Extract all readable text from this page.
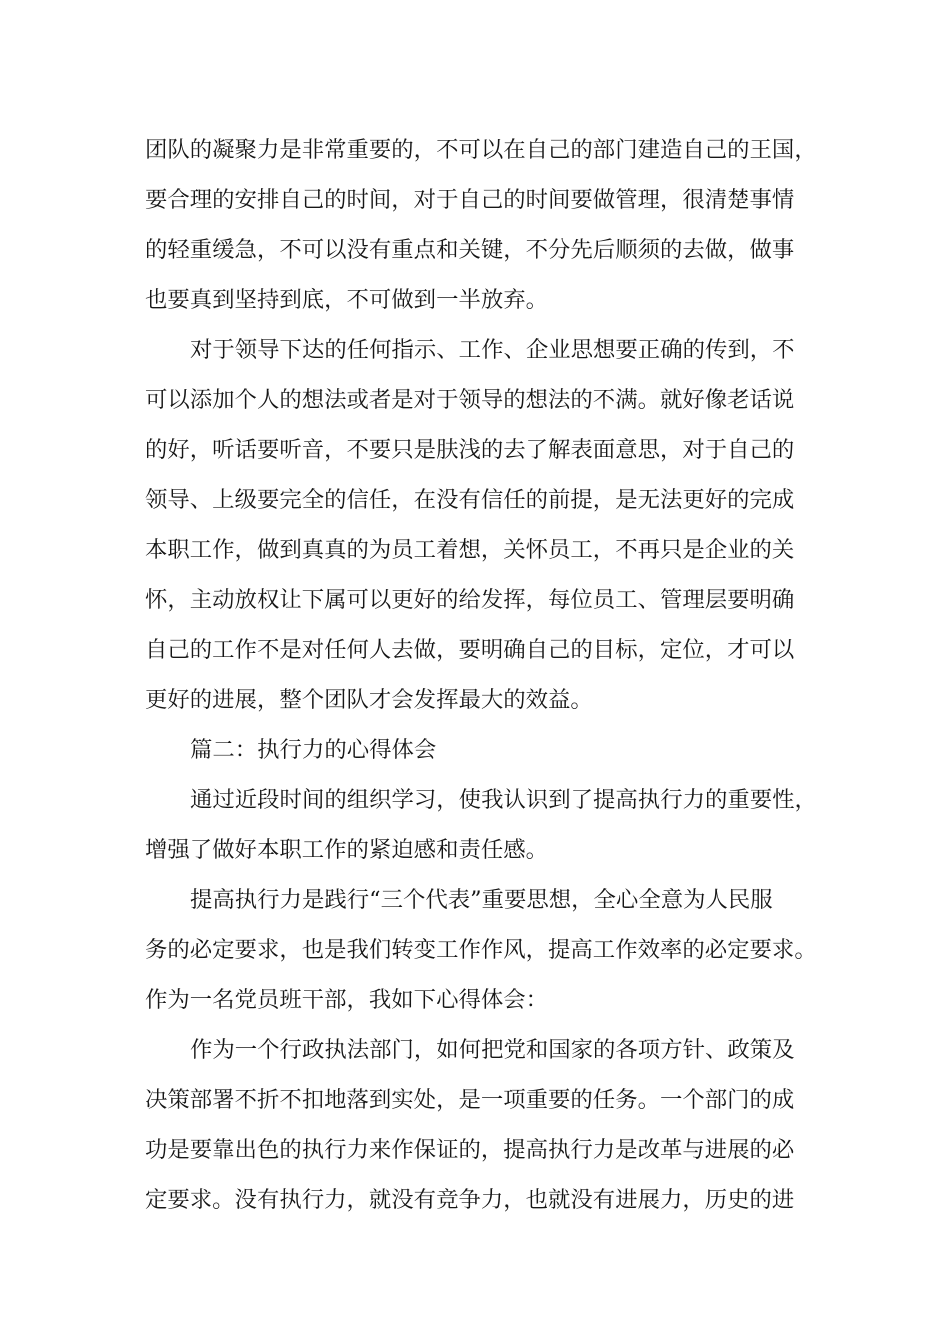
团队的凝聚力是非常重要的，不可以在自己的部门建造自己的王国，

要合理的安排自己的时间，对于自己的时间要做管理，很清楚事情

的轻重缓急，不可以没有重点和关键，不分先后顺须的去做，做事

也要真到坚持到底，不可做到一半放弃。

对于领导下达的任何指示、工作、企业思想要正确的传到，不

可以添加个人的想法或者是对于领导的想法的不满。就好像老话说

的好，听话要听音，不要只是肤浅的去了解表面意思，对于自己的

领导、上级要完全的信任，在没有信任的前提，是无法更好的完成

本职工作，做到真真的为员工着想，关怀员工，不再只是企业的关

怀，主动放权让下属可以更好的给发挥，每位员工、管理层要明确

自己的工作不是对任何人去做，要明确自己的目标，定位，才可以

更好的进展，整个团队才会发挥最大的效益。

篇二：执行力的心得体会

通过近段时间的组织学习，使我认识到了提高执行力的重要性，

增强了做好本职工作的紧迫感和责任感。

提高执行力是践行“三个代表”重要思想，全心全意为人民服

务的必定要求，也是我们转变工作作风，提高工作效率的必定要求。

作为一名党员班干部，我如下心得体会：

作为一个行政执法部门，如何把党和国家的各项方针、政策及

决策部署不折不扣地落到实处，是一项重要的任务。一个部门的成

功是要靠出色的执行力来作保证的，提高执行力是改革与进展的必

定要求。没有执行力，就没有竞争力，也就没有进展力，历史的进
